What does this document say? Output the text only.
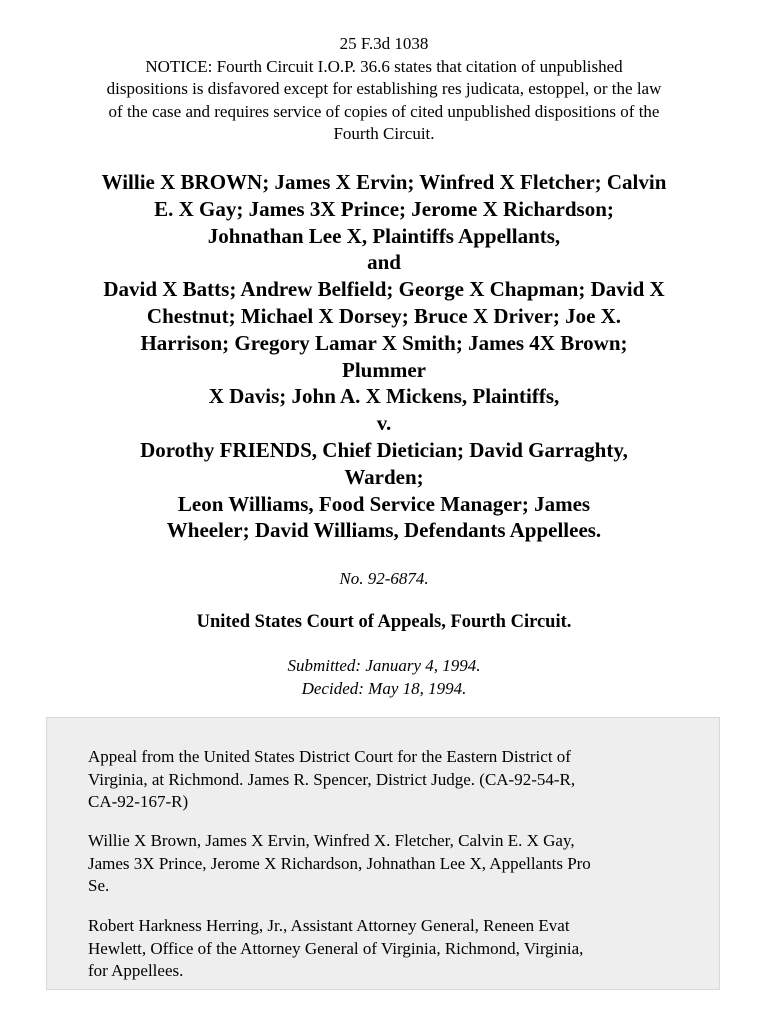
25 F.3d 1038
NOTICE: Fourth Circuit I.O.P. 36.6 states that citation of unpublished
dispositions is disfavored except for establishing res judicata, estoppel, or the law
of the case and requires service of copies of cited unpublished dispositions of the
Fourth Circuit.
Willie X BROWN; James X Ervin; Winfred X Fletcher; Calvin
E. X Gay; James 3X Prince; Jerome X Richardson;
Johnathan Lee X, Plaintiffs Appellants,
and
David X Batts; Andrew Belfield; George X Chapman; David X
Chestnut; Michael X Dorsey; Bruce X Driver; Joe X.
Harrison; Gregory Lamar X Smith; James 4X Brown;
Plummer
X Davis; John A. X Mickens, Plaintiffs,
v.
Dorothy FRIENDS, Chief Dietician; David Garraghty,
Warden;
Leon Williams, Food Service Manager; James
Wheeler; David Williams, Defendants Appellees.
No. 92-6874.
United States Court of Appeals, Fourth Circuit.
Submitted: January 4, 1994.
Decided: May 18, 1994.
Appeal from the United States District Court for the Eastern District of
Virginia, at Richmond. James R. Spencer, District Judge. (CA-92-54-R,
CA-92-167-R)
Willie X Brown, James X Ervin, Winfred X. Fletcher, Calvin E. X Gay,
James 3X Prince, Jerome X Richardson, Johnathan Lee X, Appellants Pro
Se.
Robert Harkness Herring, Jr., Assistant Attorney General, Reneen Evat
Hewlett, Office of the Attorney General of Virginia, Richmond, Virginia,
for Appellees.
